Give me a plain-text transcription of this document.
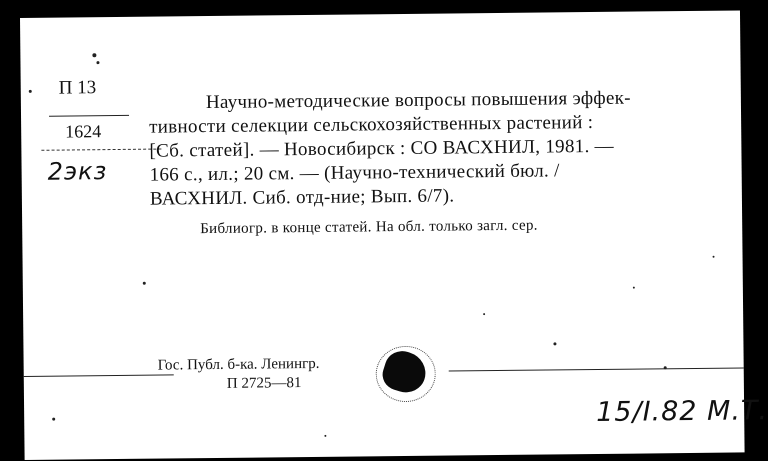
П 13
1624
2экз
Научно-методические вопросы повышения эффек-
тивности селекции сельскохозяйственных растений :
[Сб. статей]. — Новосибирск : СО ВАСХНИЛ, 1981. —
166 с., ил.; 20 см. — (Научно-технический бюл. /
ВАСХНИЛ. Сиб. отд-ние; Вып. 6/7).
Библиогр. в конце статей. На обл. только загл. сер.
Гос. Публ. б-ка. Ленингр.
П 2725—81
15/I.82 М.Т.
